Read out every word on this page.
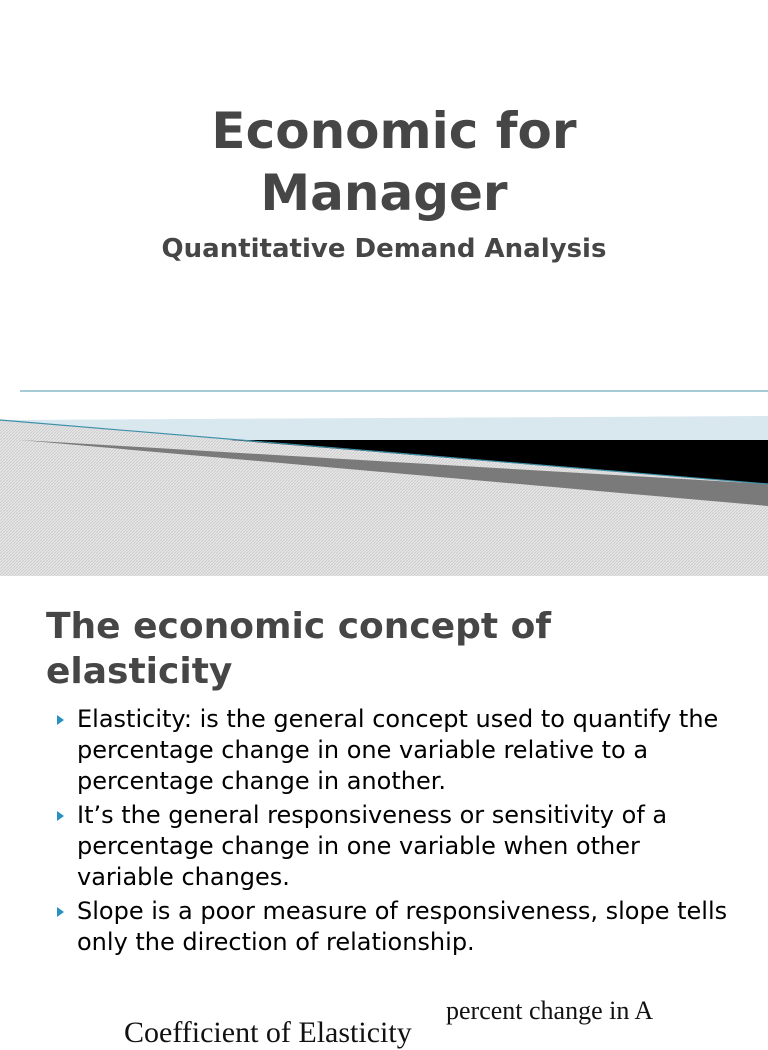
Economic for
Manager
Quantitative Demand Analysis
The economic concept of elasticity
Elasticity: is the general concept used to quantify the percentage change in one variable relative to a percentage change in another.
It’s the general responsiveness or sensitivity of a percentage change in one variable when other variable changes.
Slope is a poor measure of responsiveness, slope tells only the direction of relationship.
Coefficient of Elasticity
percent change in A
